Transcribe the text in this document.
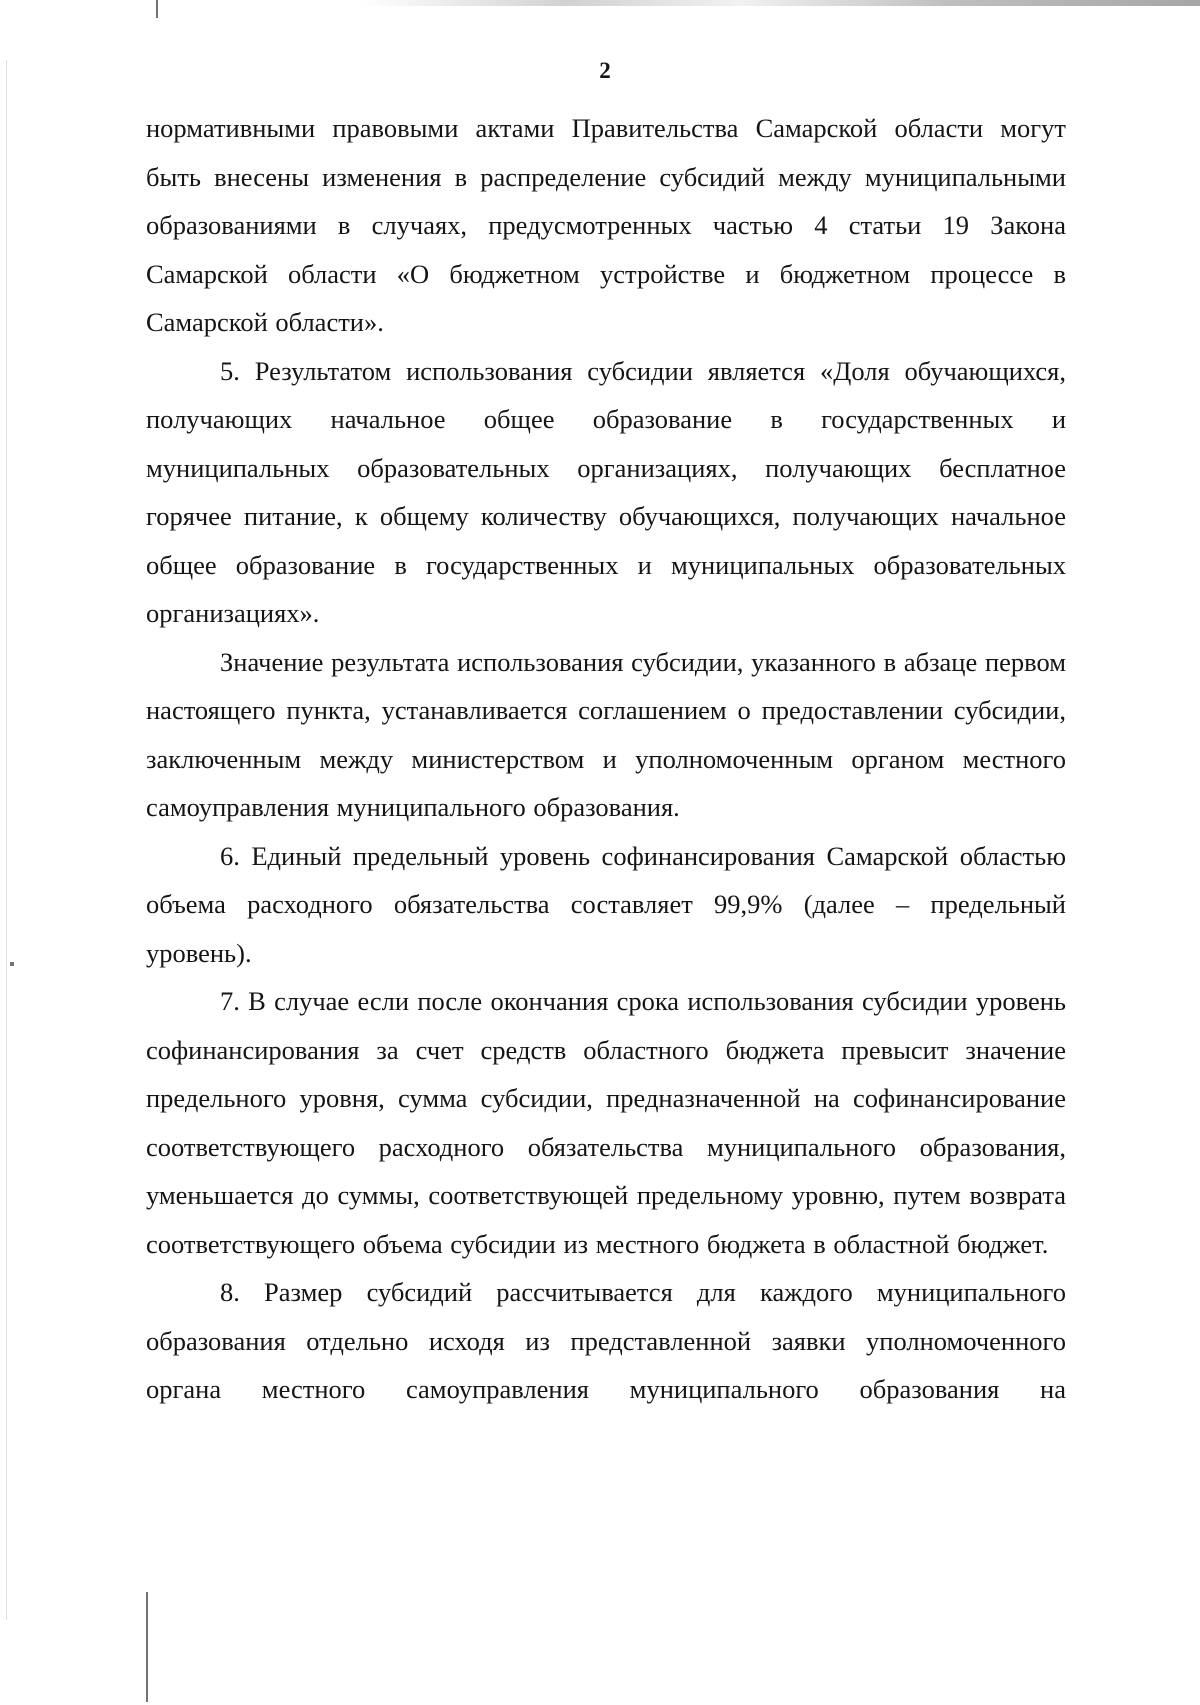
2

нормативными правовыми актами Правительства Самарской области могут быть внесены изменения в распределение субсидий между муниципальными образованиями в случаях, предусмотренных частью 4 статьи 19 Закона Самарской области «О бюджетном устройстве и бюджетном процессе в Самарской области».

5. Результатом использования субсидии является «Доля обучающихся, получающих начальное общее образование в государственных и муниципальных образовательных организациях, получающих бесплатное горячее питание, к общему количеству обучающихся, получающих начальное общее образование в государственных и муниципальных образовательных организациях».

Значение результата использования субсидии, указанного в абзаце первом настоящего пункта, устанавливается соглашением о предоставлении субсидии, заключенным между министерством и уполномоченным органом местного самоуправления муниципального образования.

6. Единый предельный уровень софинансирования Самарской областью объема расходного обязательства составляет 99,9% (далее – предельный уровень).

7. В случае если после окончания срока использования субсидии уровень софинансирования за счет средств областного бюджета превысит значение предельного уровня, сумма субсидии, предназначенной на софинансирование соответствующего расходного обязательства муниципального образования, уменьшается до суммы, соответствующей предельному уровню, путем возврата соответствующего объема субсидии из местного бюджета в областной бюджет.

8. Размер субсидий рассчитывается для каждого муниципального образования отдельно исходя из представленной заявки уполномоченного органа местного самоуправления муниципального образования на
